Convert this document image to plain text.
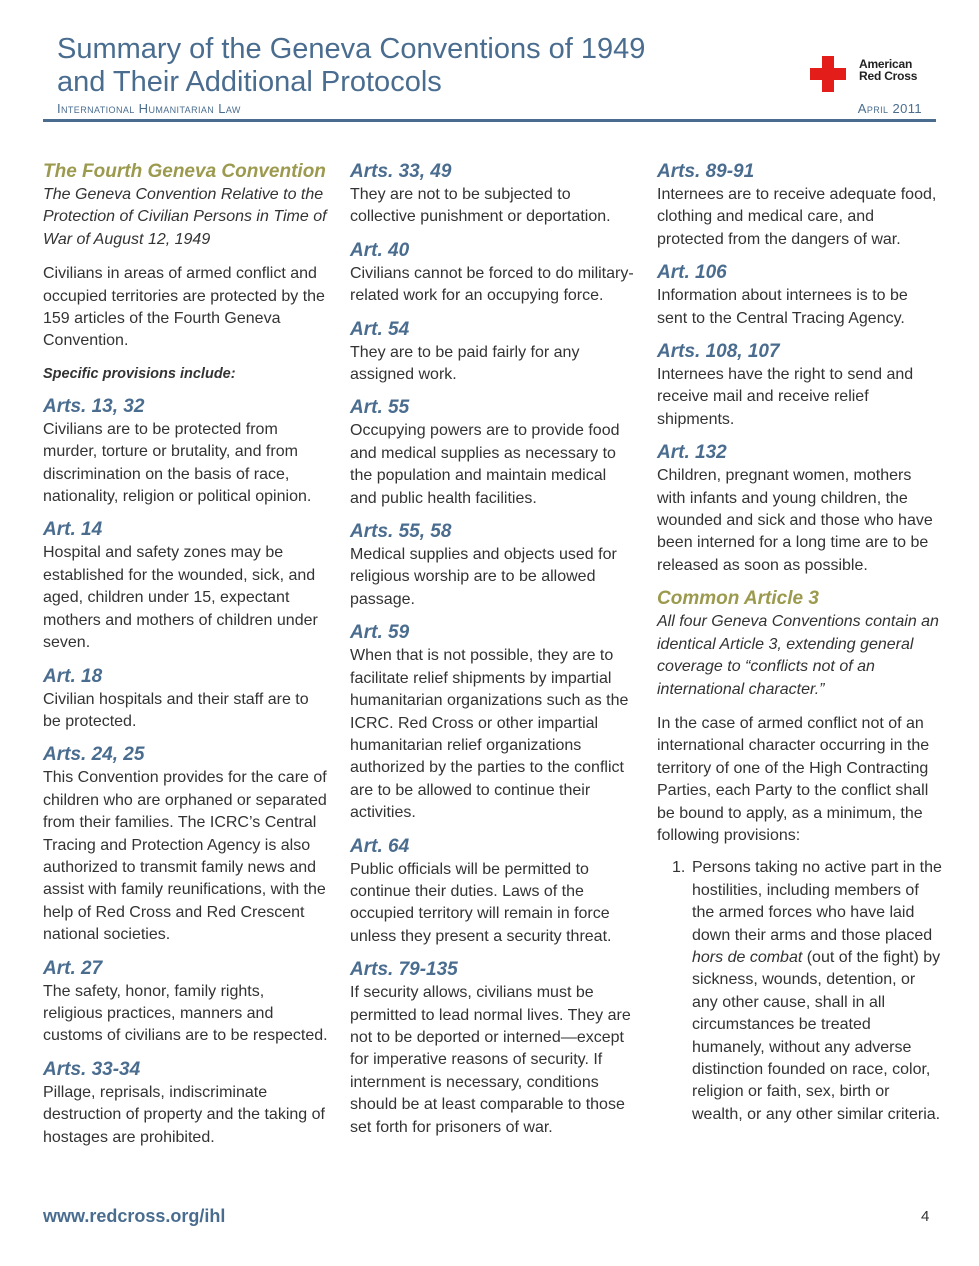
Summary of the Geneva Conventions of 1949
and Their Additional Protocols
International Humanitarian Law	April 2011
American
Red Cross
The Fourth Geneva Convention

The Geneva Convention Relative to the Protection of Civilian Persons in Time of War of August 12, 1949

Civilians in areas of armed conflict and occupied territories are protected by the 159 articles of the Fourth Geneva Convention.

Specific provisions include:

Arts. 13, 32

Civilians are to be protected from murder, torture or brutality, and from discrimination on the basis of race, nationality, religion or political opinion.

Art. 14

Hospital and safety zones may be established for the wounded, sick, and aged, children under 15, expectant mothers and mothers of children under seven.

Art. 18

Civilian hospitals and their staff are to be protected.

Arts. 24, 25

This Convention provides for the care of children who are orphaned or separated from their families. The ICRC’s Central Tracing and Protection Agency is also authorized to transmit family news and assist with family reunifications, with the help of Red Cross and Red Crescent national societies.

Art. 27

The safety, honor, family rights, religious practices, manners and customs of civilians are to be respected.

Arts. 33-34

Pillage, reprisals, indiscriminate destruction of property and the taking of hostages are prohibited.

Arts. 33, 49

They are not to be subjected to collective punishment or deportation.

Art. 40

Civilians cannot be forced to do military-related work for an occupying force.

Art. 54

They are to be paid fairly for any assigned work.

Art. 55

Occupying powers are to provide food and medical supplies as necessary to the population and maintain medical and public health facilities.

Arts. 55, 58

Medical supplies and objects used for religious worship are to be allowed passage.

Art. 59

When that is not possible, they are to facilitate relief shipments by impartial humanitarian organizations such as the ICRC. Red Cross or other impartial humanitarian relief organizations authorized by the parties to the conflict are to be allowed to continue their activities.

Art. 64

Public officials will be permitted to continue their duties. Laws of the occupied territory will remain in force unless they present a security threat.

Arts. 79-135

If security allows, civilians must be permitted to lead normal lives. They are not to be deported or interned—except for imperative reasons of security. If internment is necessary, conditions should be at least comparable to those set forth for prisoners of war.

Arts. 89-91

Internees are to receive adequate food, clothing and medical care, and protected from the dangers of war.

Art. 106

Information about internees is to be sent to the Central Tracing Agency.

Arts. 108, 107

Internees have the right to send and receive mail and receive relief shipments.

Art. 132

Children, pregnant women, mothers with infants and young children, the wounded and sick and those who have been interned for a long time are to be released as soon as possible.

Common Article 3

All four Geneva Conventions contain an identical Article 3, extending general coverage to “conflicts not of an international character.”

In the case of armed conflict not of an international character occurring in the territory of one of the High Contracting Parties, each Party to the conflict shall be bound to apply, as a minimum, the following provisions:

1. Persons taking no active part in the hostilities, including members of the armed forces who have laid down their arms and those placed hors de combat (out of the fight) by sickness, wounds, detention, or any other cause, shall in all circumstances be treated humanely, without any adverse distinction founded on race, color, religion or faith, sex, birth or wealth, or any other similar criteria.
www.redcross.org/ihl	4
